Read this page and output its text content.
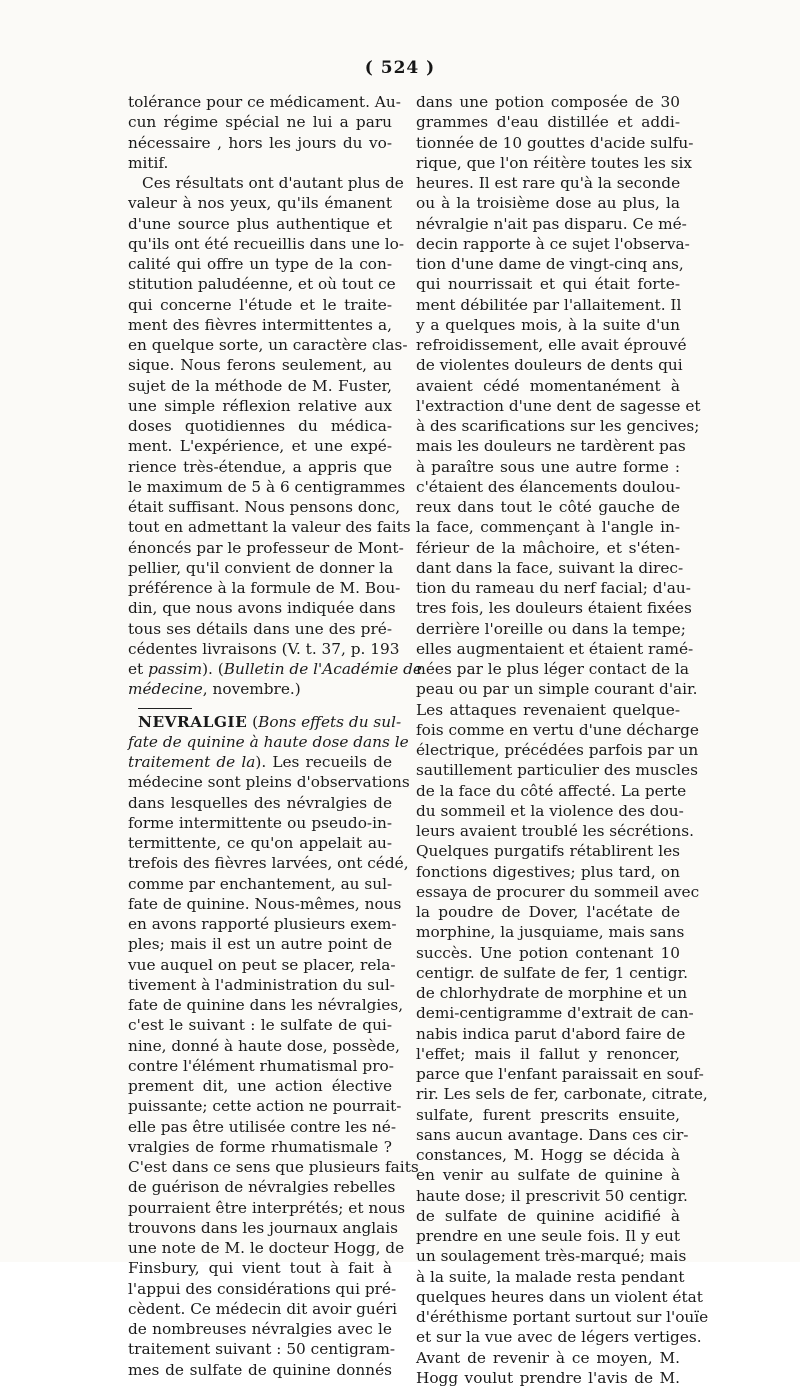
( 524 )
tolérance pour ce médicament. Au-
cun régime spécial ne lui a paru
nécessaire , hors les jours du vo-
mitif.
Ces résultats ont d'autant plus de
valeur à nos yeux, qu'ils émanent
d'une source plus authentique et
qu'ils ont été recueillis dans une lo-
calité qui offre un type de la con-
stitution paludéenne, et où tout ce
qui concerne l'étude et le traite-
ment des fièvres intermittentes a,
en quelque sorte, un caractère clas-
sique. Nous ferons seulement, au
sujet de la méthode de M. Fuster,
une simple réflexion relative aux
doses quotidiennes du médica-
ment. L'expérience, et une expé-
rience très-étendue, a appris que
le maximum de 5 à 6 centigrammes
était suffisant. Nous pensons donc,
tout en admettant la valeur des faits
énoncés par le professeur de Mont-
pellier, qu'il convient de donner la
préférence à la formule de M. Bou-
din, que nous avons indiquée dans
tous ses détails dans une des pré-
cédentes livraisons (V. t. 37, p. 193
et passim). (Bulletin de l'Académie de
médecine, novembre.)
NEVRALGIE (Bons effets du sul-
fate de quinine à haute dose dans le
traitement de la). Les recueils de
médecine sont pleins d'observations
dans lesquelles des névralgies de
forme intermittente ou pseudo-in-
termittente, ce qu'on appelait au-
trefois des fièvres larvées, ont cédé,
comme par enchantement, au sul-
fate de quinine. Nous-mêmes, nous
en avons rapporté plusieurs exem-
ples; mais il est un autre point de
vue auquel on peut se placer, rela-
tivement à l'administration du sul-
fate de quinine dans les névralgies,
c'est le suivant : le sulfate de qui-
nine, donné à haute dose, possède,
contre l'élément rhumatismal pro-
prement dit, une action élective
puissante; cette action ne pourrait-
elle pas être utilisée contre les né-
vralgies de forme rhumatismale ?
C'est dans ce sens que plusieurs faits
de guérison de névralgies rebelles
pourraient être interprétés; et nous
trouvons dans les journaux anglais
une note de M. le docteur Hogg, de
Finsbury, qui vient tout à fait à
l'appui des considérations qui pré-
cèdent. Ce médecin dit avoir guéri
de nombreuses névralgies avec le
traitement suivant : 50 centigram-
mes de sulfate de quinine donnés
dans une potion composée de 30
grammes d'eau distillée et addi-
tionnée de 10 gouttes d'acide sulfu-
rique, que l'on réitère toutes les six
heures. Il est rare qu'à la seconde
ou à la troisième dose au plus, la
névralgie n'ait pas disparu. Ce mé-
decin rapporte à ce sujet l'observa-
tion d'une dame de vingt-cinq ans,
qui nourrissait et qui était forte-
ment débilitée par l'allaitement. Il
y a quelques mois, à la suite d'un
refroidissement, elle avait éprouvé
de violentes douleurs de dents qui
avaient cédé momentanément à
l'extraction d'une dent de sagesse et
à des scarifications sur les gencives;
mais les douleurs ne tardèrent pas
à paraître sous une autre forme :
c'étaient des élancements doulou-
reux dans tout le côté gauche de
la face, commençant à l'angle in-
férieur de la mâchoire, et s'éten-
dant dans la face, suivant la direc-
tion du rameau du nerf facial; d'au-
tres fois, les douleurs étaient fixées
derrière l'oreille ou dans la tempe;
elles augmentaient et étaient ramé-
nées par le plus léger contact de la
peau ou par un simple courant d'air.
Les attaques revenaient quelque-
fois comme en vertu d'une décharge
électrique, précédées parfois par un
sautillement particulier des muscles
de la face du côté affecté. La perte
du sommeil et la violence des dou-
leurs avaient troublé les sécrétions.
Quelques purgatifs rétablirent les
fonctions digestives; plus tard, on
essaya de procurer du sommeil avec
la poudre de Dover, l'acétate de
morphine, la jusquiame, mais sans
succès. Une potion contenant 10
centigr. de sulfate de fer, 1 centigr.
de chlorhydrate de morphine et un
demi-centigramme d'extrait de can-
nabis indica parut d'abord faire de
l'effet; mais il fallut y renoncer,
parce que l'enfant paraissait en souf-
rir. Les sels de fer, carbonate, citrate,
sulfate, furent prescrits ensuite,
sans aucun avantage. Dans ces cir-
constances, M. Hogg se décida à
en venir au sulfate de quinine à
haute dose; il prescrivit 50 centigr.
de sulfate de quinine acidifié à
prendre en une seule fois. Il y eut
un soulagement très-marqué; mais
à la suite, la malade resta pendant
quelques heures dans un violent état
d'éréthisme portant surtout sur l'ouïe
et sur la vue avec de légers vertiges.
Avant de revenir à ce moyen, M.
Hogg voulut prendre l'avis de M.
